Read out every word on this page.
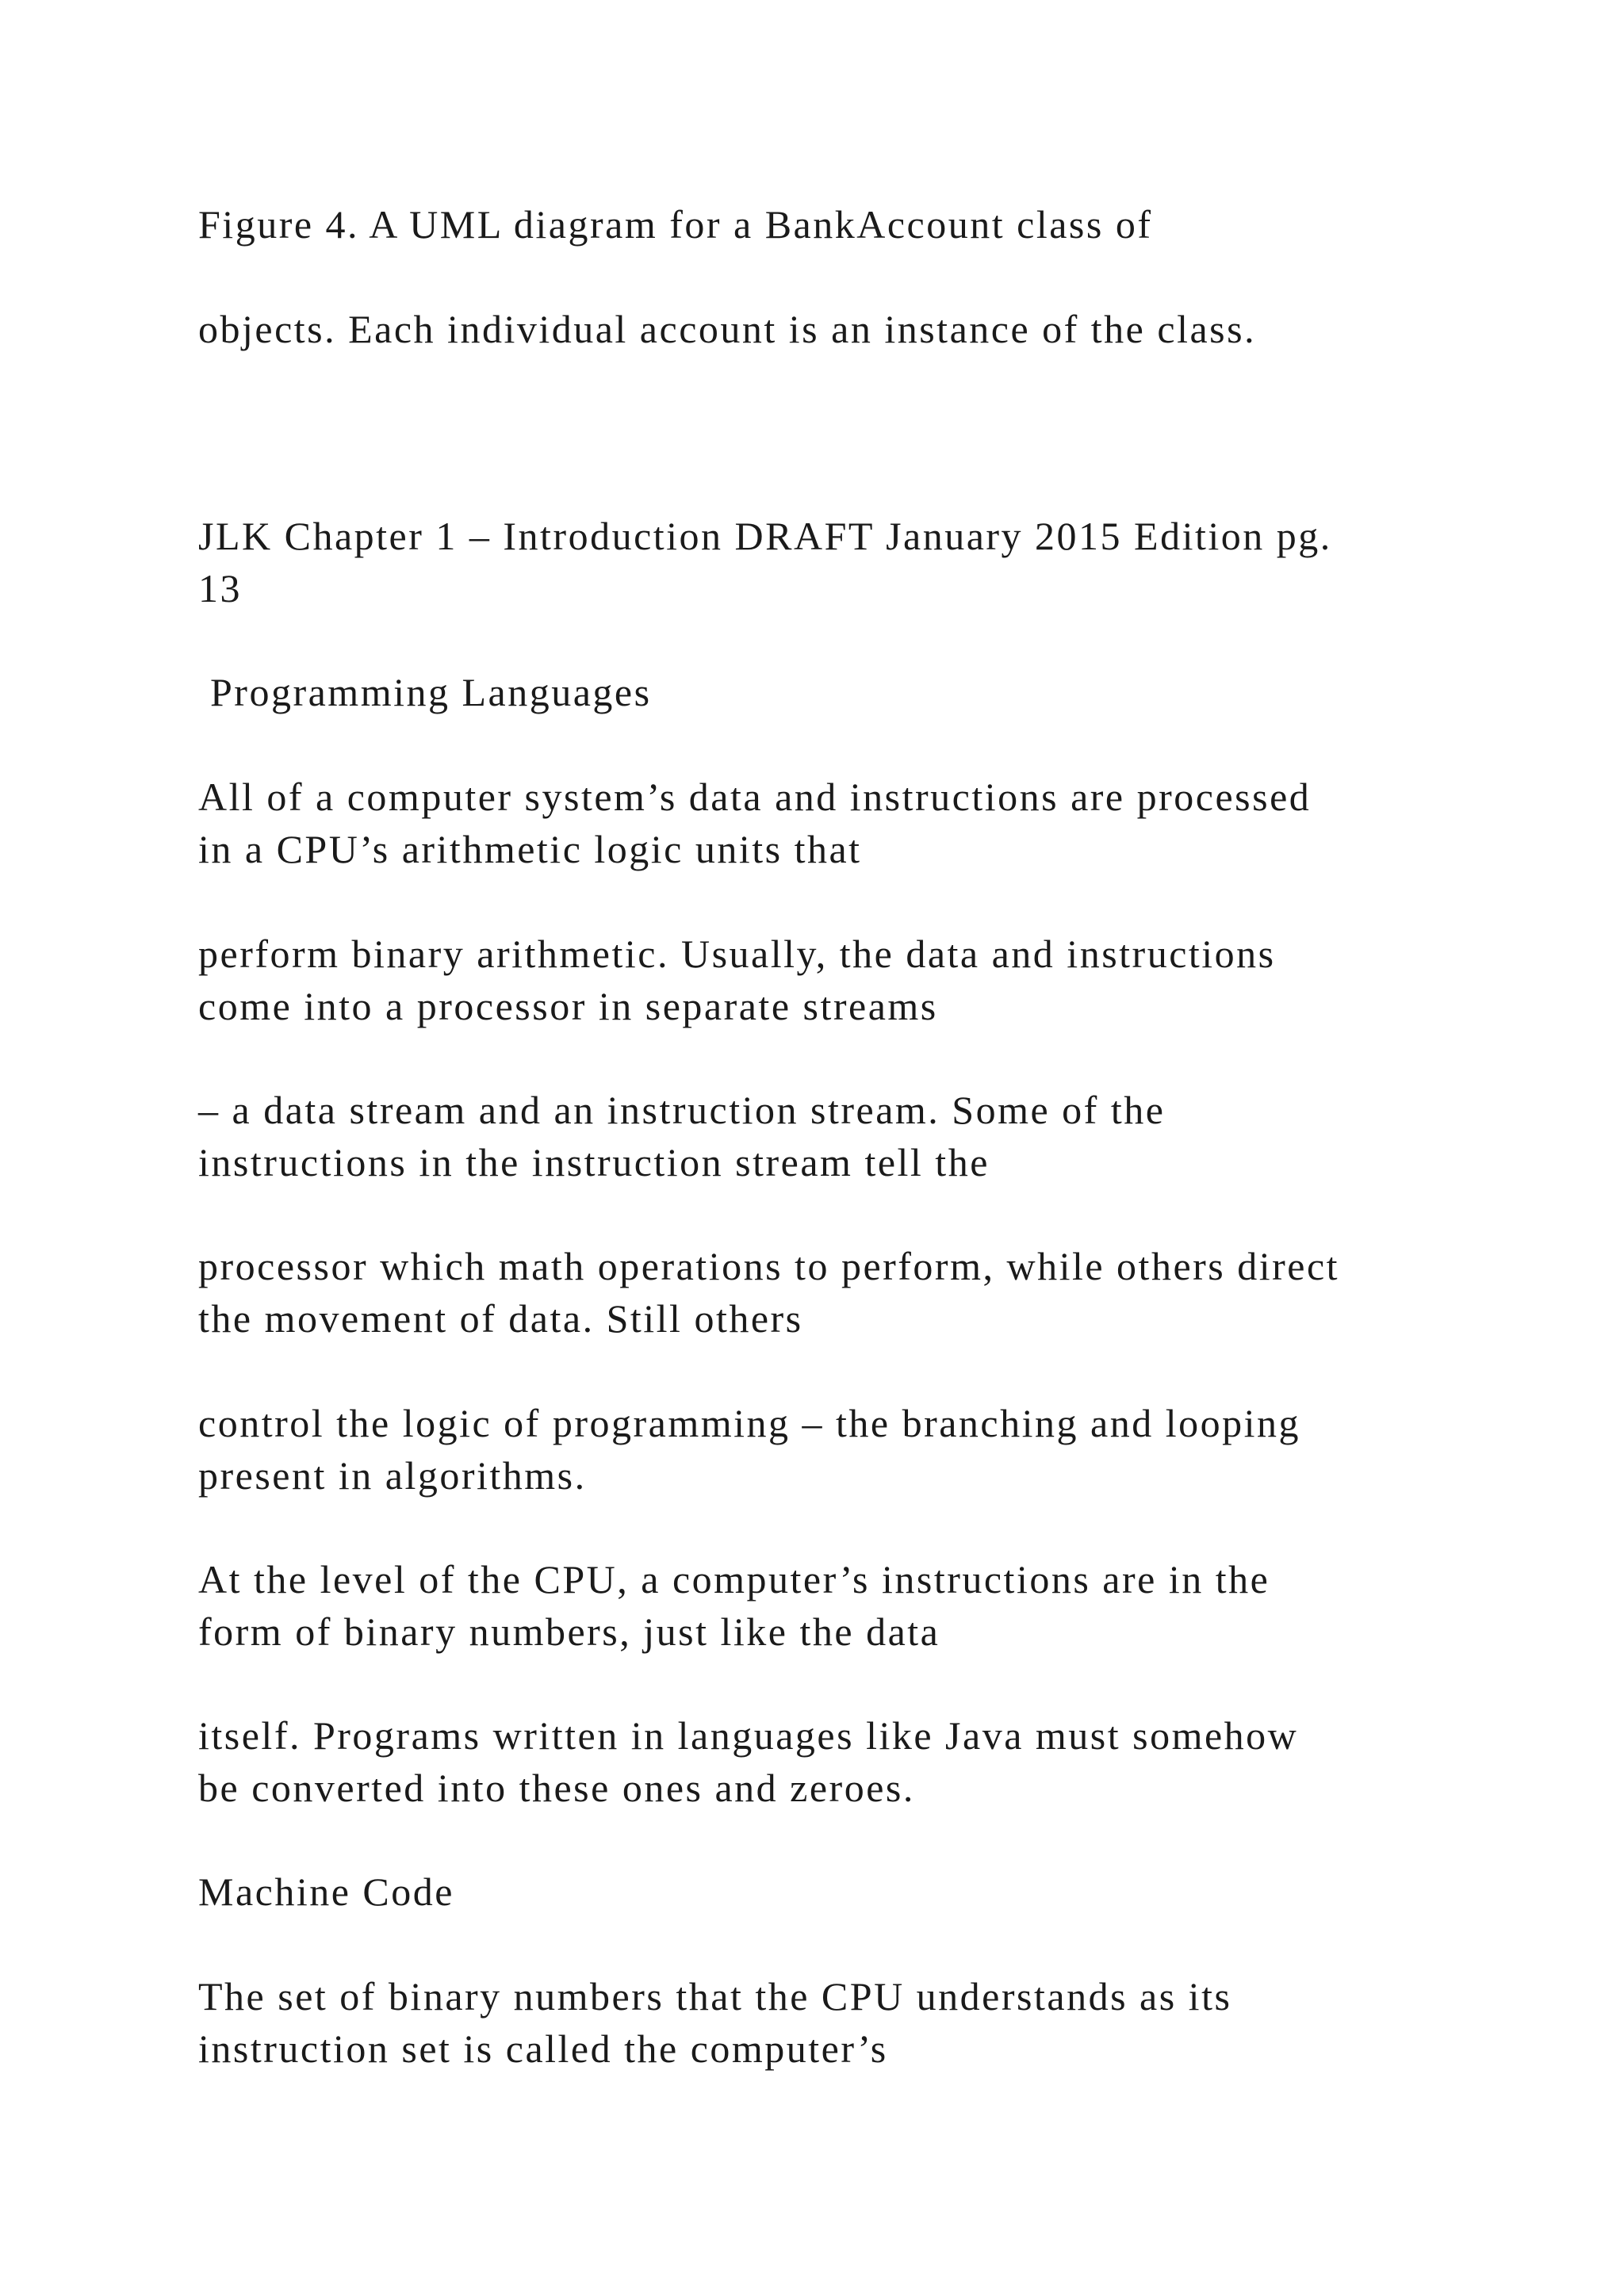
Figure 4. A UML diagram for a BankAccount class of

objects. Each individual account is an instance of the class.

JLK Chapter 1 – Introduction DRAFT January 2015 Edition pg.
13

Programming Languages

All of a computer system’s data and instructions are processed
in a CPU’s arithmetic logic units that
perform binary arithmetic. Usually, the data and instructions
come into a processor in separate streams
– a data stream and an instruction stream. Some of the
instructions in the instruction stream tell the
processor which math operations to perform, while others direct
the movement of data. Still others
control the logic of programming – the branching and looping
present in algorithms.
At the level of the CPU, a computer’s instructions are in the
form of binary numbers, just like the data
itself. Programs written in languages like Java must somehow
be converted into these ones and zeroes.

Machine Code

The set of binary numbers that the CPU understands as its
instruction set is called the computer’s
